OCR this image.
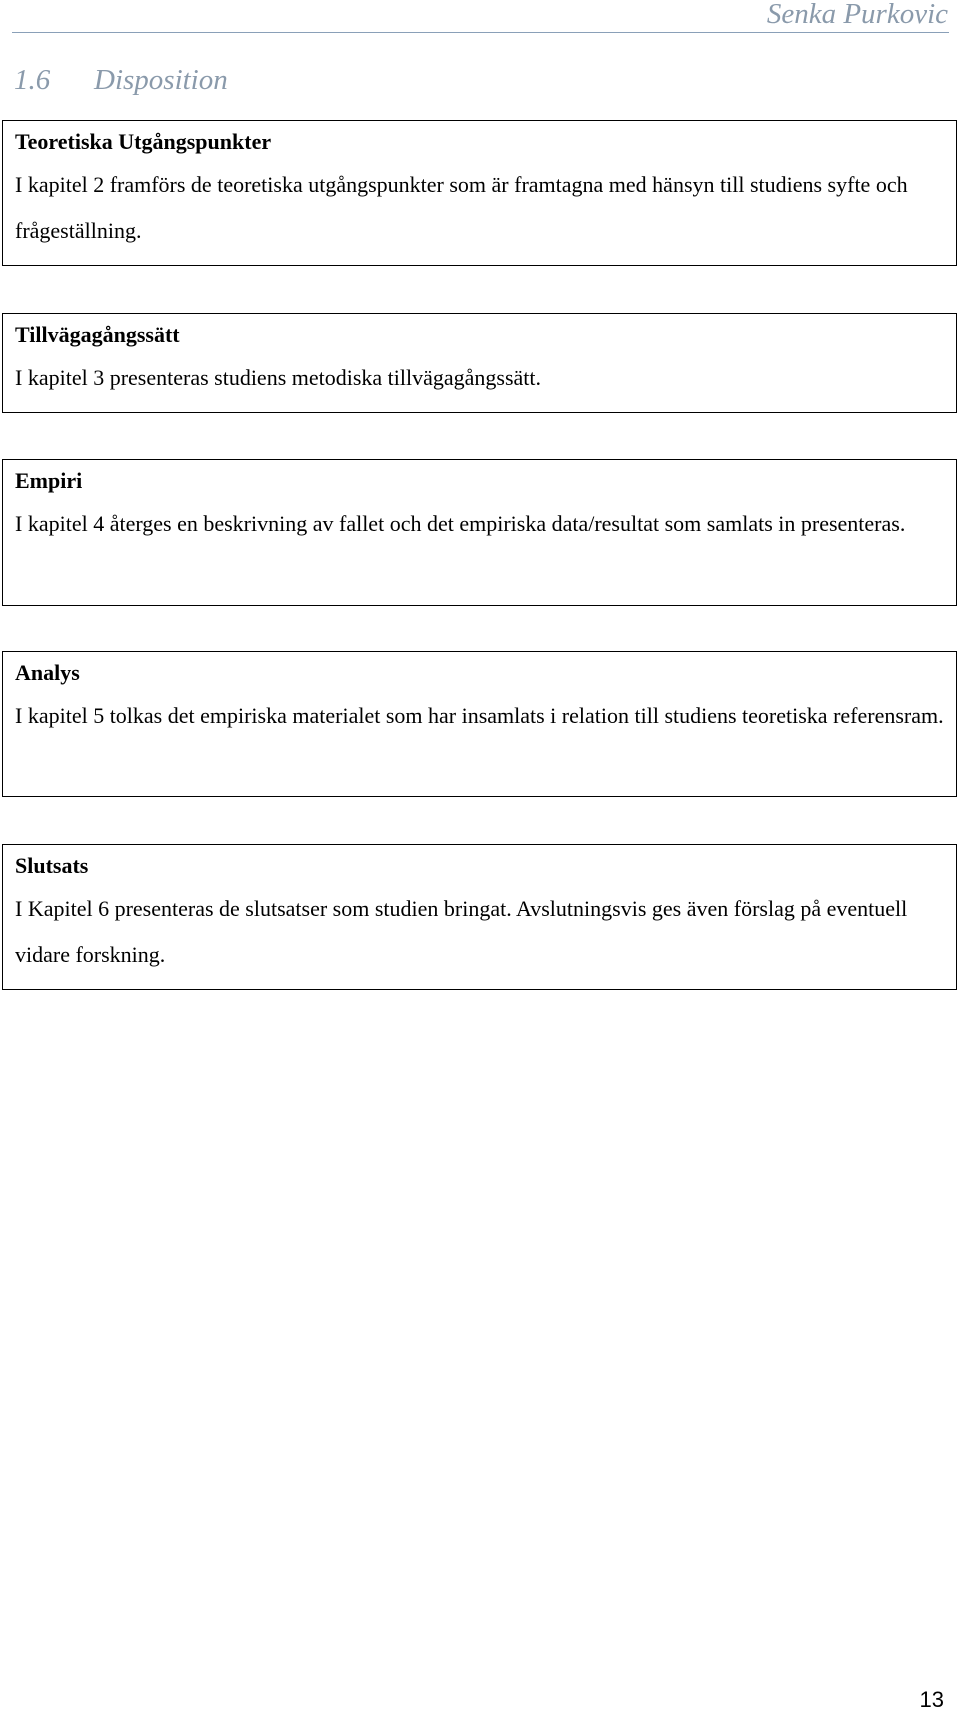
Senka Purkovic
1.6 Disposition
Teoretiska Utgångspunkter
I kapitel 2 framförs de teoretiska utgångspunkter som är framtagna med hänsyn till studiens syfte och frågeställning.
Tillvägagångssätt
I kapitel 3 presenteras studiens metodiska tillvägagångssätt.
Empiri
I kapitel 4 återges en beskrivning av fallet och det empiriska data/resultat som samlats in presenteras.
Analys
I kapitel 5 tolkas det empiriska materialet som har insamlats i relation till studiens teoretiska referensram.
Slutsats
I Kapitel 6 presenteras de slutsatser som studien bringat. Avslutningsvis ges även förslag på eventuell vidare forskning.
13
